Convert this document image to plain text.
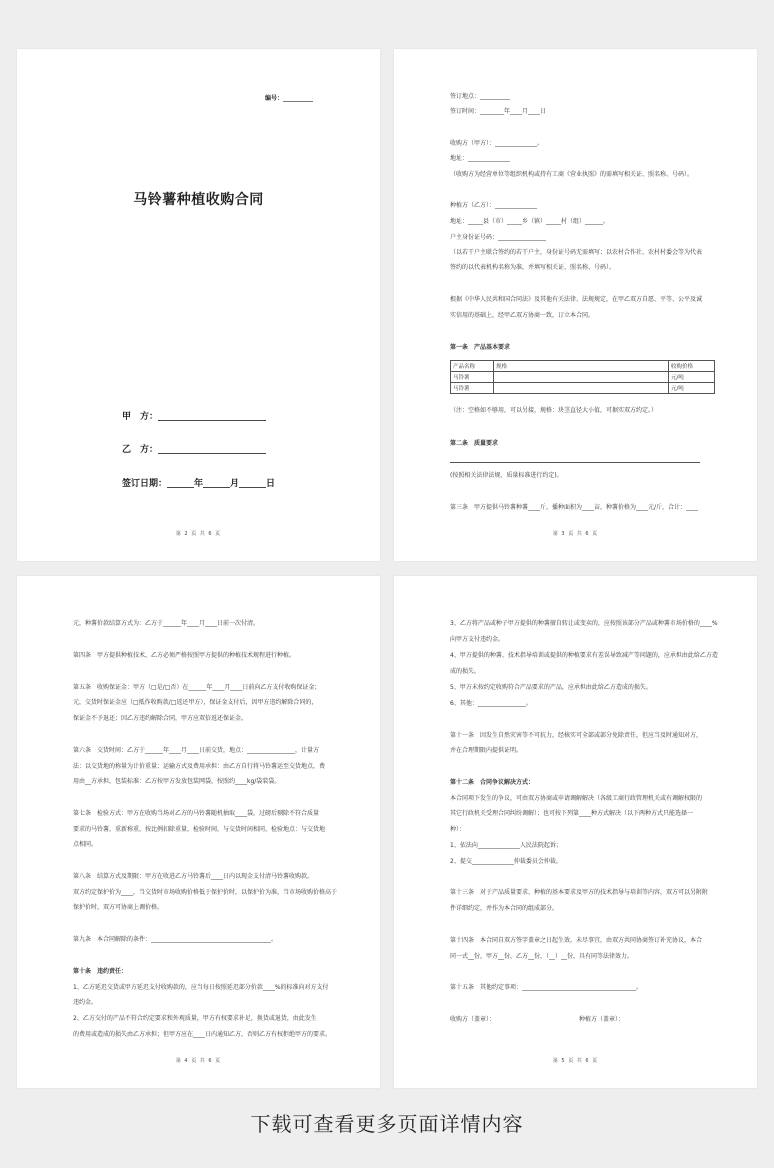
编号：__________
马铃薯种植收购合同
甲　方：________________________
乙　方：________________________
签订日期：______年______月______日
第 2 页 共 6 页
签订地点：__________
签订时间：________年____月____日
收购方（甲方）：______________。
地址：______________
（收购方为经营单位等组织机构或持有工商《营业执照》的需填写相关证、照名称、号码）。
种植方（乙方）：______________
地址：_____县（市）_____乡（镇）_____村（组）______。
户主身份证号码：________________
（以若干户主联合签约的若干户主，身份证号码无需填写；以农村合作社、农村村委会等为代表
签约的以代表机构名称为准，并填写相关证、照名称、号码）。
根据《中华人民共和国合同法》及其他有关法律、法规规定，在甲乙双方自愿、平等、公平及诚
实信用的基础上，经甲乙双方协商一致，订立本合同。
第一条　产品基本要求
产品名称	规格	收购价格
马铃薯		元/吨
马铃薯		元/吨
（注：空格如不够用，可以另接，规格：块茎直径大小值，可据实双方约定。）
第二条　质量要求
(按照相关法律法规、质量标准进行约定)。
第三条　甲方提供马铃薯种薯____斤，播种面积为____亩，种薯价格为____元/斤，合计：____
第 3 页 共 6 页
元，种薯价款结算方式为：乙方于______年____月____日前一次付清。
第四条　甲方提供种植技术，乙方必须严格按照甲方提供的种植技术规程进行种植。
第五条　收购保证金：甲方（□是/□否）在______年____月____日前向乙方支付收购保证金；
元，交货时保证金应（□抵作收购款/□返还甲方），保证金支付后，因甲方违约解除合同的，
保证金不予退还；因乙方违约解除合同，甲方应双倍返还保证金。
第六条　交货时间：乙方于______年____月____日前交货，地点：________________，计量方
法：以交货地的称量为计价重量；运输方式及费用承担：由乙方自行将马铃薯运至交货地点，费
用由__方承担，包装标准：乙方按甲方发放包装网袋，按照约____kg/袋装袋。
第七条　检验方式：甲方在收购当场对乙方的马铃薯随机抽取____袋，过磅后剔除不符合质量
要求的马铃薯，重新称重，按比例扣除重量，检验时间，与交货时间相同，检验地点：与交货地
点相同。
第八条　结算方式及期限：甲方在收进乙方马铃薯后____日内以现金支付清马铃薯收购款。
双方约定保护价为____，当交货时市场收购价格低于保护价时，以保护价为准，当市场收购价格高于
保护价时，双方可协商上调价格。
第九条　本合同解除的条件：________________________________________。
第十条　违约责任：
1、乙方延迟交货或甲方延迟支付收购款的，应当每日按照延迟部分价款____%的标准向对方支付
违约金。
2、乙方交付的产品不符合约定要求和外观质量，甲方有权要求补足，换货或退货，由此发生
的费用或造成的损失由乙方承担；但甲方应在____日内通知乙方，否则乙方有权拒绝甲方的要求。
第 4 页 共 6 页
3、乙方将产品或种子甲方提供的种薯擅自转让或变卖的，应按照该部分产品或种薯市场价格的____%
向甲方支付违约金。
4、甲方提供的种薯、技术指导培训或提供的种植要求有差误导致减产等问题的，应承担由此给乙方造
成的损失。
5、甲方未按约定收购符合产品要求的产品，应承担由此给乙方造成的损失。
6、其他：________________。
第十一条　因发生自然灾害等不可抗力，经核实可全部或部分免除责任，但应当及时通知对方，
并在合理期限内提供证明。
第十二条　合同争议解决方式：
本合同项下发生的争议，可由双方协商或申请调解解决（各级工商行政管理机关或有调解权限的
其它行政机关受理合同纠纷调解）；也可按下列第____种方式解决（以下两种方式只能选择一
种）：
1、依法向______________人民法院起诉；
2、提交______________仲裁委员会仲裁。
第十三条　对于产品质量要求、种植的基本要求及甲方的技术指导与培训等内容，双方可以另附附
件详细约定，并作为本合同的组成部分。
第十四条　本合同自双方签字盖章之日起生效，未尽事宜，由双方共同协商签订补充协议，本合
同一式__份，甲方__份，乙方__份，（__）__份，具有同等法律效力。
第十五条　其他约定事项：______________________________________。
收购方（盖章）：	种植方（盖章）：
第 5 页 共 6 页
下载可查看更多页面详情内容
